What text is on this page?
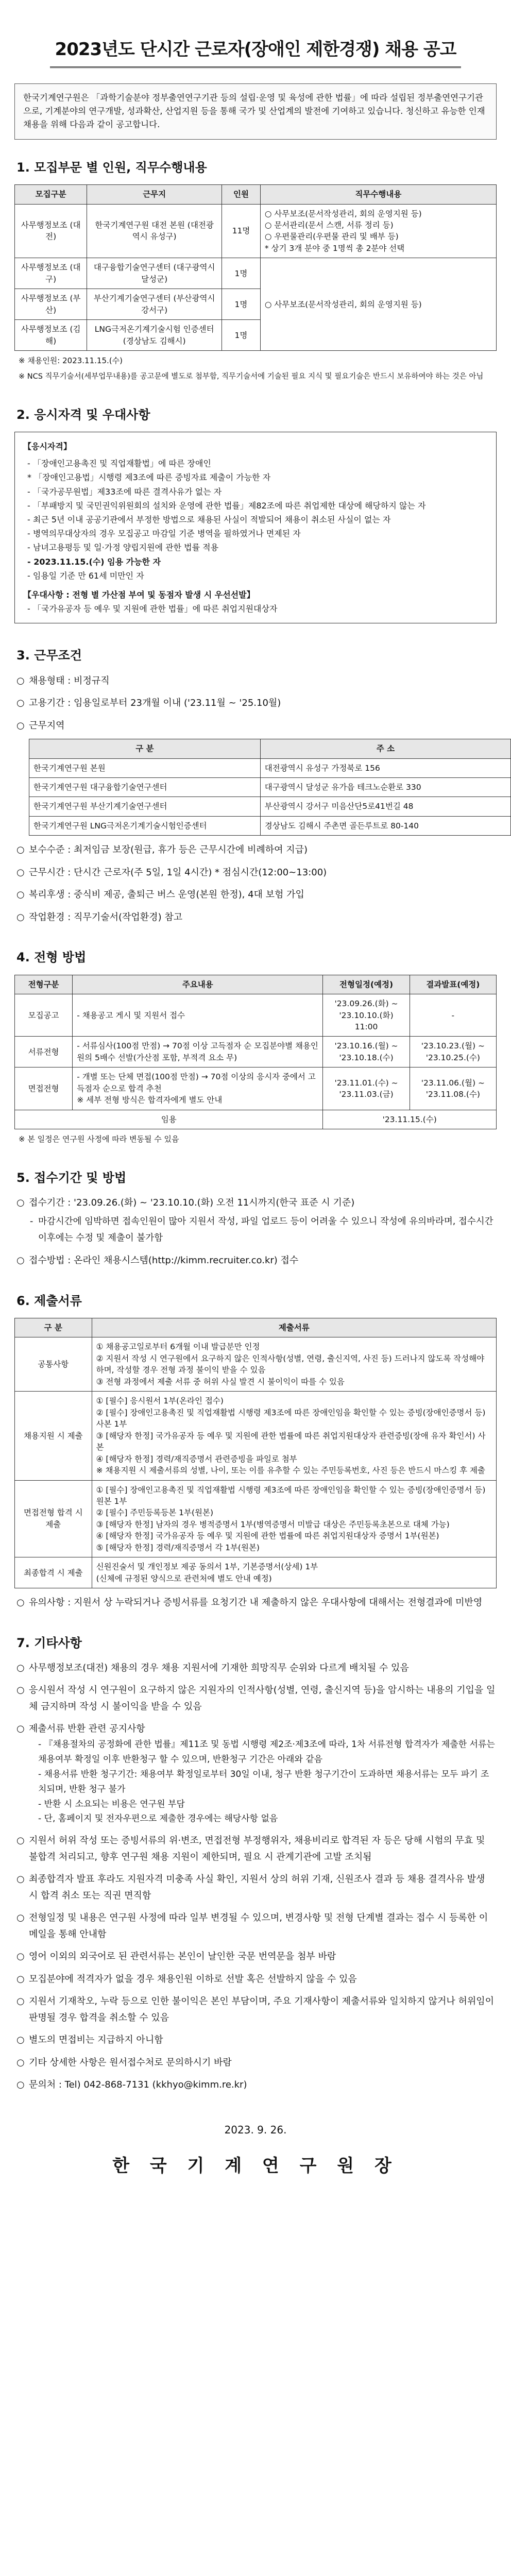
2023년도 단시간 근로자(장애인 제한경쟁) 채용 공고
한국기계연구원은 「과학기술분야 정부출연연구기관 등의 설립·운영 및 육성에 관한 법률」에 따라 설립된 정부출연연구기관으로, 기계분야의 연구개발, 성과확산, 산업지원 등을 통해 국가 및 산업계의 발전에 기여하고 있습니다. 청신하고 유능한 인재채용을 위해 다음과 같이 공고합니다.
1. 모집부문 별 인원, 직무수행내용
모집구분	근무지	인원	직무수행내용
사무행정보조 (대전)	한국기계연구원 대전 본원 (대전광역시 유성구)	11명	○ 사무보조(문서작성관리, 회의 운영지원 등)
○ 문서관리(문서 스캔, 서류 정리 등)
○ 우편물관리(우편물 관리 및 배부 등)
* 상기 3개 분야 중 1명씩 총 2분야 선택
사무행정보조 (대구)	대구융합기술연구센터 (대구광역시 달성군)	1명	○ 사무보조(문서작성관리, 회의 운영지원 등)
사무행정보조 (부산)	부산기계기술연구센터 (부산광역시 강서구)	1명	
사무행정보조 (김해)	LNG극저온기계기술시험 인증센터 (경상남도 김해시)	1명	
※ 채용인원: 2023.11.15.(수)
※ NCS 직무기술서(세부업무내용)를 공고문에 별도로 첨부함, 직무기술서에 기술된 필요 지식 및 필요기술은 반드시 보유하여야 하는 것은 아님
2. 응시자격 및 우대사항
【응시자격】
- 「장애인고용촉진 및 직업재활법」에 따른 장애인
* 「장애인고용법」시행령 제3조에 따른 증빙자료 제출이 가능한 자
- 「국가공무원법」제33조에 따른 결격사유가 없는 자
- 「부패방지 및 국민권익위원회의 설치와 운영에 관한 법률」제82조에 따른 취업제한 대상에 해당하지 않는 자
- 최근 5년 이내 공공기관에서 부정한 방법으로 채용된 사실이 적발되어 채용이 취소된 사실이 없는 자
- 병역의무대상자의 경우 모집공고 마감일 기준 병역을 필하였거나 면제된 자
- 남녀고용평등 및 일·가정 양립지원에 관한 법률 적용
- 2023.11.15.(수) 임용 가능한 자
- 임용일 기준 만 61세 미만인 자
【우대사항 : 전형 별 가산점 부여 및 동점자 발생 시 우선선발】
- 「국가유공자 등 예우 및 지원에 관한 법률」에 따른 취업지원대상자
3. 근무조건
○ 채용형태 : 비정규직
○ 고용기간 : 임용일로부터 23개월 이내 ('23.11월 ~ '25.10월)
○ 근무지역
구 분	주 소
한국기계연구원 본원	대전광역시 유성구 가정북로 156
한국기계연구원 대구융합기술연구센터	대구광역시 달성군 유가읍 테크노순환로 330
한국기계연구원 부산기계기술연구센터	부산광역시 강서구 미음산단5로41번길 48
한국기계연구원 LNG극저온기계기술시험인증센터	경상남도 김해시 주촌면 골든루트로 80-140
○ 보수수준 : 최저임금 보장(원급, 휴가 등은 근무시간에 비례하여 지급)
○ 근무시간 : 단시간 근로자(주 5일, 1일 4시간) * 점심시간(12:00~13:00)
○ 복리후생 : 중식비 제공, 출퇴근 버스 운영(본원 한정), 4대 보험 가입
○ 작업환경 : 직무기술서(작업환경) 참고
4. 전형 방법
전형구분	주요내용	전형일정(예정)	결과발표(예정)
모집공고	- 채용공고 게시 및 지원서 접수	'23.09.26.(화) ~ '23.10.10.(화) 11:00	-
서류전형	- 서류심사(100점 만점) → 70점 이상 고득점자 순 모집분야별 채용인원의 5배수 선발(가산점 포함, 부적격 요소 무)	'23.10.16.(월) ~ '23.10.18.(수)	'23.10.23.(월) ~ '23.10.25.(수)
면접전형	- 개별 또는 단체 면접(100점 만점) → 70점 이상의 응시자 중에서 고득점자 순으로 합격 추천
※ 세부 전형 방식은 합격자에게 별도 안내	'23.11.01.(수) ~ '23.11.03.(금)	'23.11.06.(월) ~ '23.11.08.(수)
임용		'23.11.15.(수)	
※ 본 일정은 연구원 사정에 따라 변동될 수 있음
5. 접수기간 및 방법
○ 접수기간 : '23.09.26.(화) ~ '23.10.10.(화) 오전 11시까지(한국 표준 시 기준)
- 마감시간에 임박하면 접속인원이 많아 지원서 작성, 파일 업로드 등이 어려울 수 있으니 작성에 유의바라며, 접수시간 이후에는 수정 및 제출이 불가함
○ 접수방법 : 온라인 채용시스템(http://kimm.recruiter.co.kr) 접수
6. 제출서류
구 분	제출서류
공통사항	① 채용공고일로부터 6개월 이내 발급분만 인정
② 지원서 작성 시 연구원에서 요구하지 않은 인적사항(성별, 연령, 출신지역, 사진 등) 드러나지 않도록 작성해야 하며, 작성할 경우 전형 과정 불이익 받을 수 있음
③ 전형 과정에서 제출 서류 중 허위 사실 발견 시 불이익이 따를 수 있음
채용지원 시 제출	① [필수] 응시원서 1부(온라인 접수)
② [필수] 장애인고용촉진 및 직업재활법 시행령 제3조에 따른 장애인임을 확인할 수 있는 증빙(장애인증명서 등) 사본 1부
③ [해당자 한정] 국가유공자 등 예우 및 지원에 관한 법률에 따른 취업지원대상자 관련증빙(장애 유자 확인서) 사본
④ [해당자 한정] 경력/재직증명서 관련증빙을 파일로 첨부
※ 채용지원 시 제출서류의 성별, 나이, 또는 이를 유추할 수 있는 주민등록번호, 사진 등은 반드시 마스킹 후 제출
면접전형 합격 시 제출	① [필수] 장애인고용촉진 및 직업재활법 시행령 제3조에 따른 장애인임을 확인할 수 있는 증빙(장애인증명서 등) 원본 1부
② [필수] 주민등록등본 1부(원본)
③ [해당자 한정] 남자의 경우 병적증명서 1부(병역증명서 미발급 대상은 주민등록초본으로 대체 가능)
④ [해당자 한정] 국가유공자 등 예우 및 지원에 관한 법률에 따른 취업지원대상자 증명서 1부(원본)
⑤ [해당자 한정] 경력/재직증명서 각 1부(원본)
최종합격 시 제출	신원진술서 및 개인정보 제공 동의서 1부, 기본증명서(상세) 1부
(신체에 규정된 양식으로 관련처에 별도 안내 예정)
○ 유의사항 : 지원서 상 누락되거나 증빙서류를 요청기간 내 제출하지 않은 우대사항에 대해서는 전형결과에 미반영
7. 기타사항
○ 사무행정보조(대전) 채용의 경우 채용 지원서에 기재한 희망직무 순위와 다르게 배치될 수 있음
○ 응시원서 작성 시 연구원이 요구하지 않은 지원자의 인적사항(성별, 연령, 출신지역 등)을 암시하는 내용의 기입을 일체 금지하며 작성 시 불이익을 받을 수 있음
○ 제출서류 반환 관련 공지사항
- 『채용절차의 공정화에 관한 법률』제11조 및 동법 시행령 제2조·제3조에 따라, 1차 서류전형 합격자가 제출한 서류는 채용여부 확정일 이후 반환청구 할 수 있으며, 반환청구 기간은 아래와 같음
- 채용서류 반환 청구기간: 채용여부 확정일로부터 30일 이내, 청구 반환 청구기간이 도과하면 채용서류는 모두 파기 조치되며, 반환 청구 불가
- 반환 시 소요되는 비용은 연구원 부담
- 단, 홈페이지 및 전자우편으로 제출한 경우에는 해당사항 없음
○ 지원서 허위 작성 또는 증빙서류의 위·변조, 면접전형 부정행위자, 채용비리로 합격된 자 등은 당해 시험의 무효 및 불합격 처리되고, 향후 연구원 채용 지원이 제한되며, 필요 시 관계기관에 고발 조치됨
○ 최종합격자 발표 후라도 지원자격 미충족 사실 확인, 지원서 상의 허위 기재, 신원조사 결과 등 채용 결격사유 발생 시 합격 취소 또는 직권 면직함
○ 전형일정 및 내용은 연구원 사정에 따라 일부 변경될 수 있으며, 변경사항 및 전형 단계별 결과는 접수 시 등록한 이메일을 통해 안내함
○ 영어 이외의 외국어로 된 관련서류는 본인이 날인한 국문 번역문을 첨부 바람
○ 모집분야에 적격자가 없을 경우 채용인원 이하로 선발 혹은 선발하지 않을 수 있음
○ 지원서 기재착오, 누락 등으로 인한 불이익은 본인 부담이며, 주요 기재사항이 제출서류와 일치하지 않거나 허위임이 판명될 경우 합격을 취소할 수 있음
○ 별도의 면접비는 지급하지 아니함
○ 기타 상세한 사항은 원서접수처로 문의하시기 바람
○ 문의처 : Tel) 042-868-7131 (kkhyo@kimm.re.kr)
2023. 9. 26.
한 국 기 계 연 구 원 장
